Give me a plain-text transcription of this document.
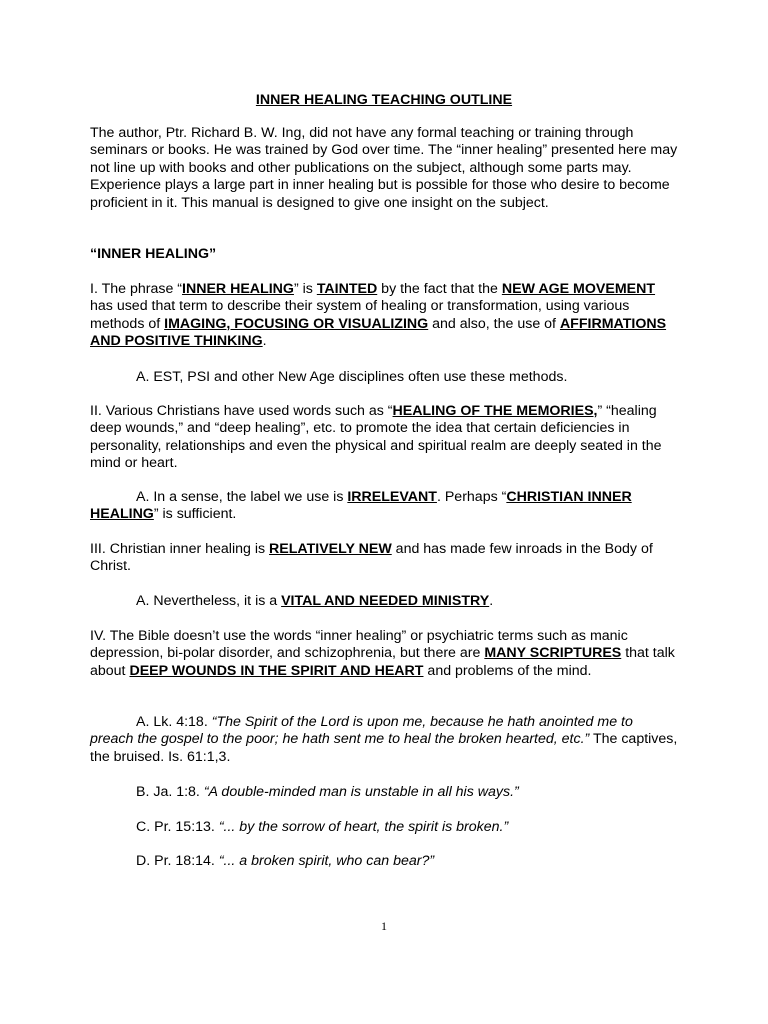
INNER HEALING TEACHING OUTLINE

The author, Ptr. Richard B. W. Ing, did not have any formal teaching or training through seminars or books. He was trained by God over time. The “inner healing” presented here may not line up with books and other publications on the subject, although some parts may. Experience plays a large part in inner healing but is possible for those who desire to become proficient in it. This manual is designed to give one insight on the subject.

“INNER HEALING”

I. The phrase “INNER HEALING” is TAINTED by the fact that the NEW AGE MOVEMENT has used that term to describe their system of healing or transformation, using various methods of IMAGING, FOCUSING OR VISUALIZING and also, the use of AFFIRMATIONS AND POSITIVE THINKING.

A. EST, PSI and other New Age disciplines often use these methods.

II. Various Christians have used words such as “HEALING OF THE MEMORIES,” “healing deep wounds,” and “deep healing”, etc. to promote the idea that certain deficiencies in personality, relationships and even the physical and spiritual realm are deeply seated in the mind or heart.

A. In a sense, the label we use is IRRELEVANT. Perhaps “CHRISTIAN INNER HEALING” is sufficient.

III. Christian inner healing is RELATIVELY NEW and has made few inroads in the Body of Christ.

A. Nevertheless, it is a VITAL AND NEEDED MINISTRY.

IV. The Bible doesn’t use the words “inner healing” or psychiatric terms such as manic depression, bi-polar disorder, and schizophrenia, but there are MANY SCRIPTURES that talk about DEEP WOUNDS IN THE SPIRIT AND HEART and problems of the mind.

A. Lk. 4:18. “The Spirit of the Lord is upon me, because he hath anointed me to preach the gospel to the poor; he hath sent me to heal the broken hearted, etc.” The captives, the bruised. Is. 61:1,3.

B. Ja. 1:8. “A double-minded man is unstable in all his ways.”

C. Pr. 15:13. “... by the sorrow of heart, the spirit is broken.”

D. Pr. 18:14. “... a broken spirit, who can bear?”

1
